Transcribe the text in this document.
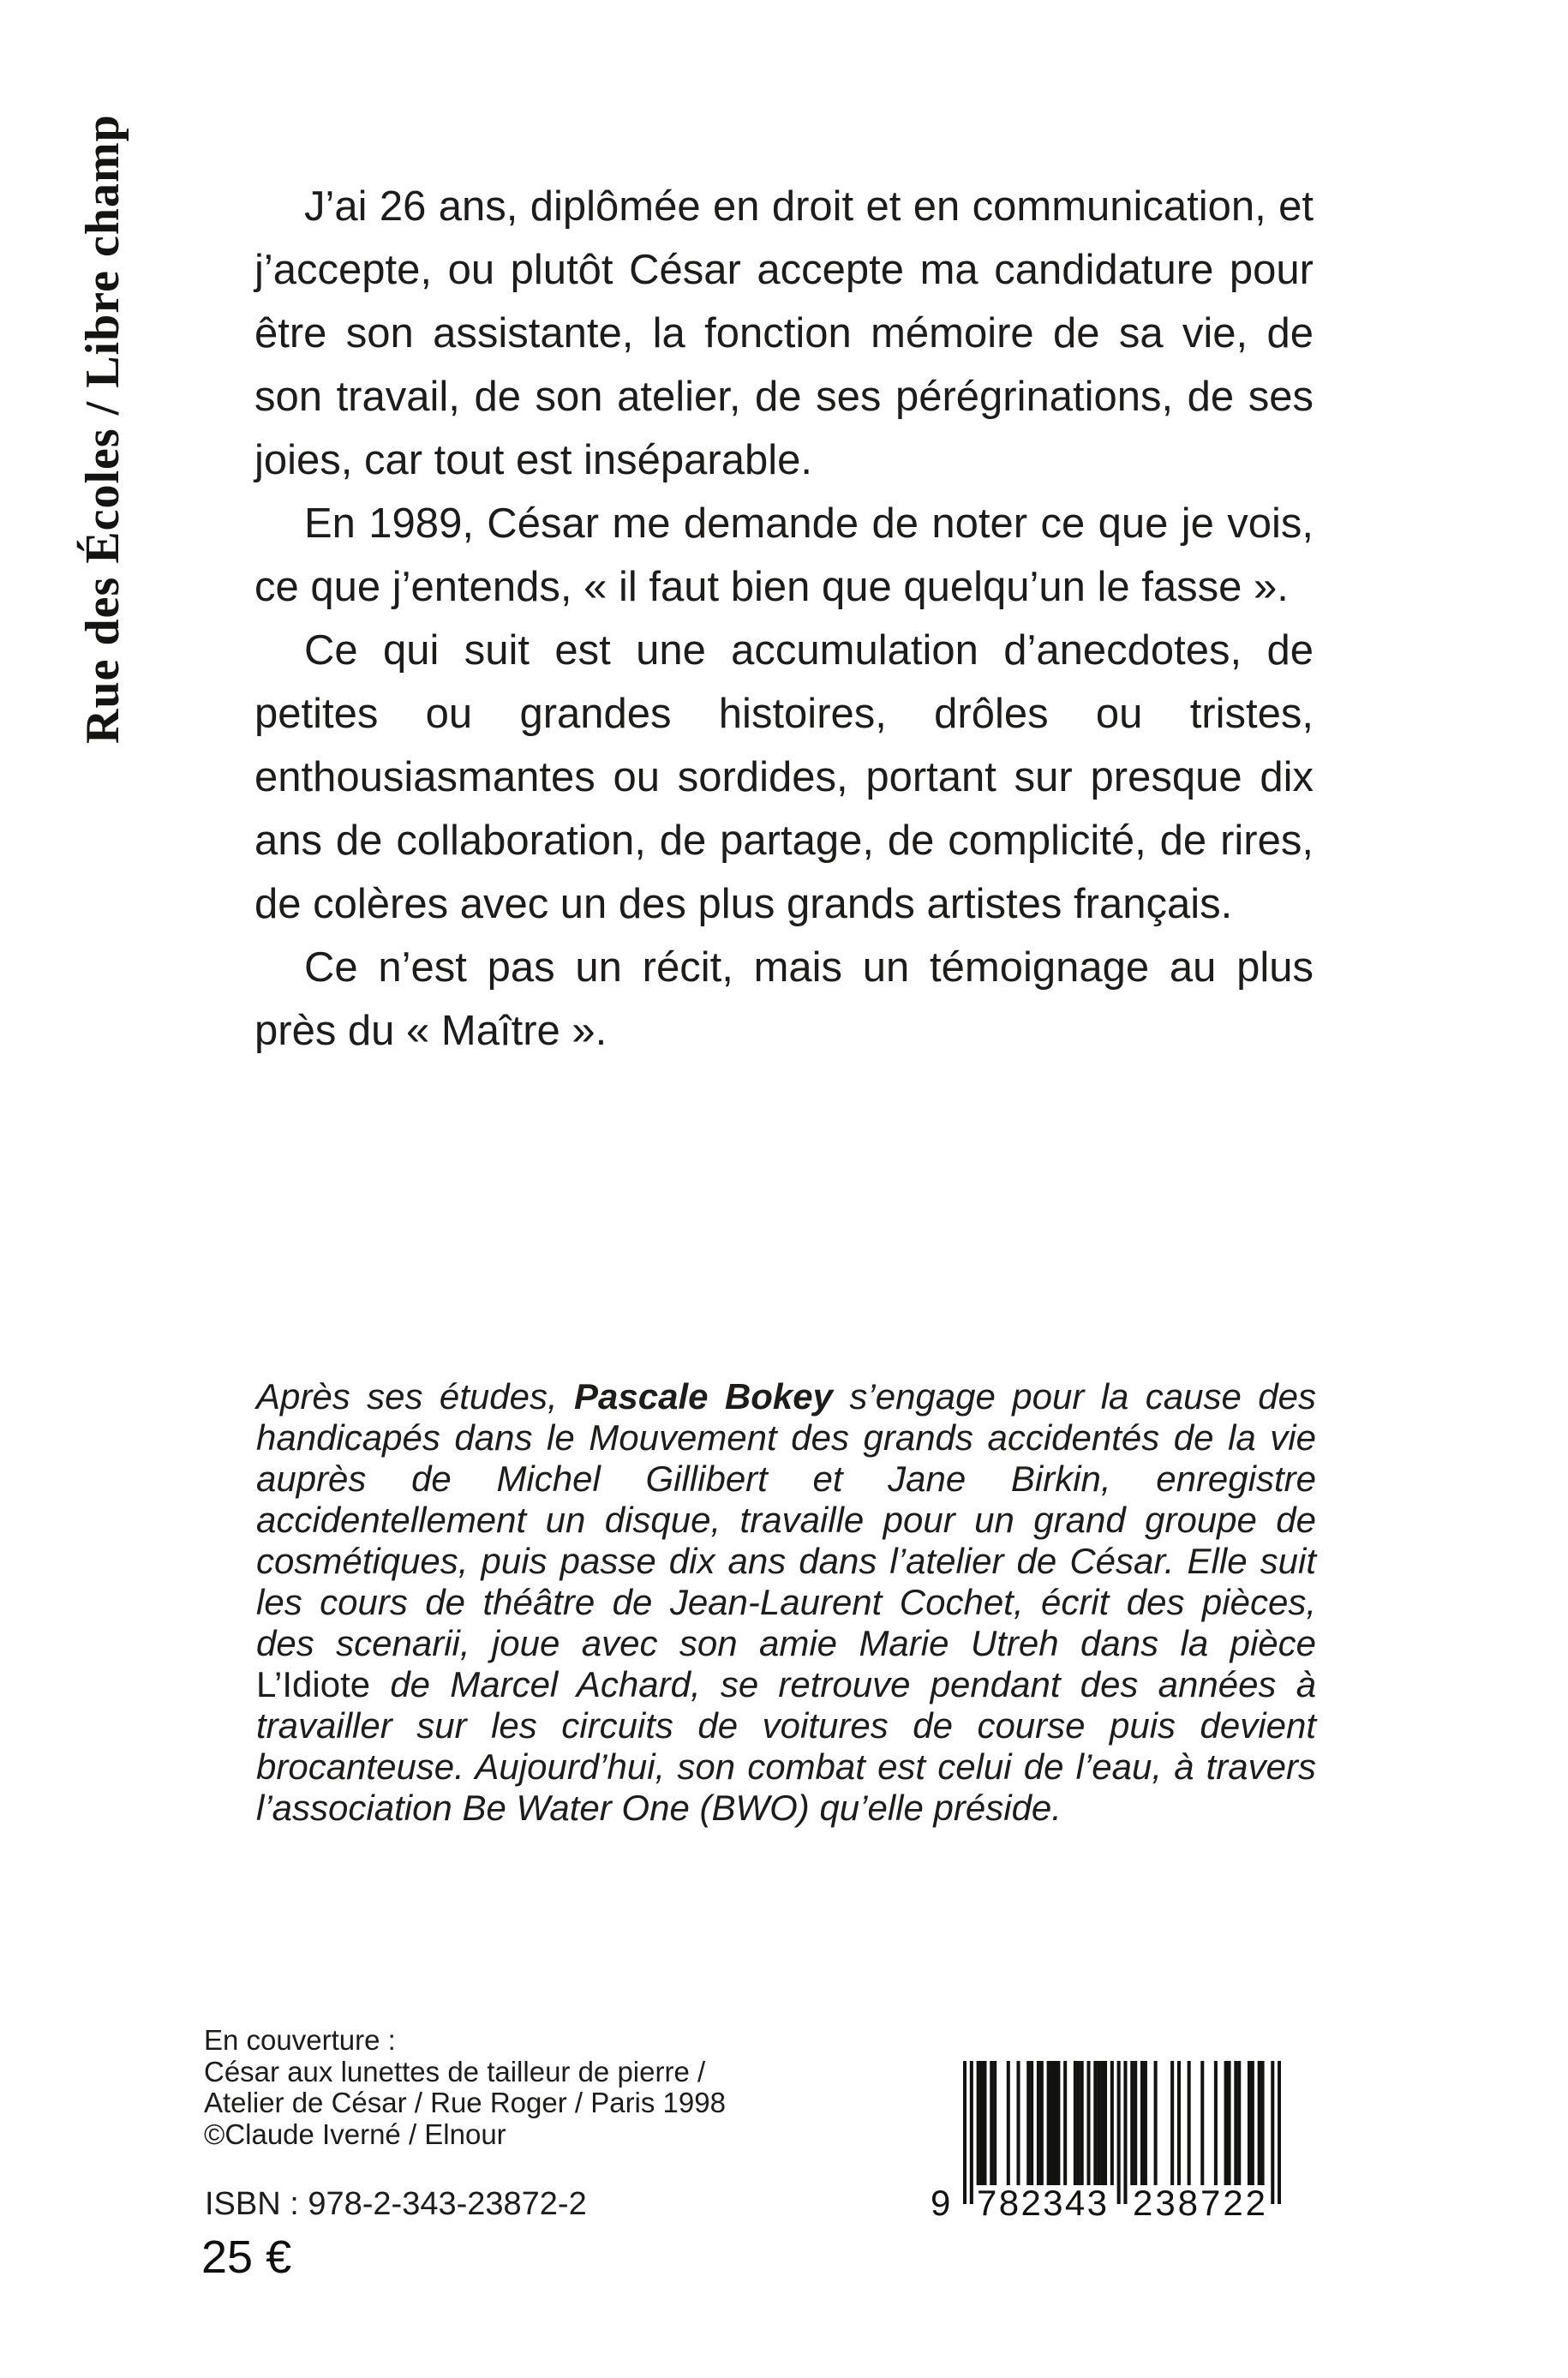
Rue des Écoles / Libre champ	J’ai 26 ans, diplômée en droit et en communication, et j’accepte, ou plutôt César accepte ma candidature pour être son assistante, la fonction mémoire de sa vie, de son travail, de son atelier, de ses pérégrinations, de ses joies, car tout est inséparable.

En 1989, César me demande de noter ce que je vois, ce que j’entends, « il faut bien que quelqu’un le fasse ».

Ce qui suit est une accumulation d’anecdotes, de petites ou grandes histoires, drôles ou tristes, enthousiasmantes ou sordides, portant sur presque dix ans de collaboration, de partage, de complicité, de rires, de colères avec un des plus grands artistes français.

Ce n’est pas un récit, mais un témoignage au plus près du « Maître ».

Après ses études, Pascale Bokey s’engage pour la cause des handicapés dans le Mouvement des grands accidentés de la vie auprès de Michel Gillibert et Jane Birkin, enregistre accidentellement un disque, travaille pour un grand groupe de cosmétiques, puis passe dix ans dans l’atelier de César. Elle suit les cours de théâtre de Jean-Laurent Cochet, écrit des pièces, des scenarii, joue avec son amie Marie Utreh dans la pièce L’Idiote de Marcel Achard, se retrouve pendant des années à travailler sur les circuits de voitures de course puis devient brocanteuse. Aujourd’hui, son combat est celui de l’eau, à travers l’association Be Water One (BWO) qu’elle préside.
En couverture :
César aux lunettes de tailleur de pierre /
Atelier de César / Rue Roger / Paris 1998
©Claude Iverné / Elnour
ISBN : 978-2-343-23872-2
25 €
9 782343 238722
